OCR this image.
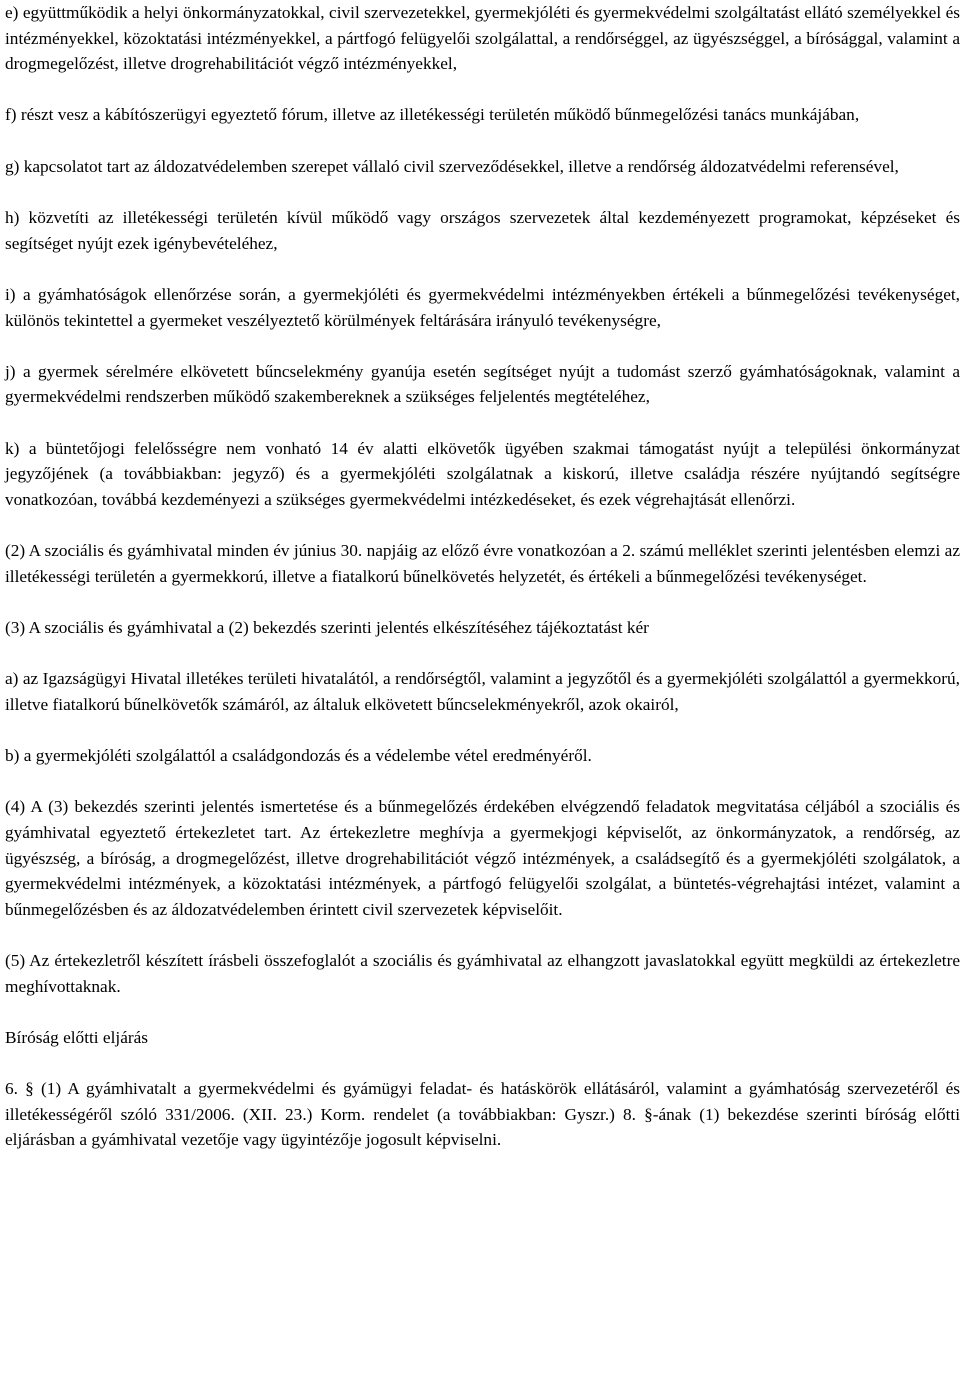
e) együttműködik a helyi önkormányzatokkal, civil szervezetekkel, gyermekjóléti és gyermekvédelmi szolgáltatást ellátó személyekkel és intézményekkel, közoktatási intézményekkel, a pártfogó felügyelői szolgálattal, a rendőrséggel, az ügyészséggel, a bírósággal, valamint a drogmegelőzést, illetve drogrehabilitációt végző intézményekkel,

f) részt vesz a kábítószerügyi egyeztető fórum, illetve az illetékességi területén működő bűnmegelőzési tanács munkájában,

g) kapcsolatot tart az áldozatvédelemben szerepet vállaló civil szerveződésekkel, illetve a rendőrség áldozatvédelmi referensével,

h) közvetíti az illetékességi területén kívül működő vagy országos szervezetek által kezdeményezett programokat, képzéseket és segítséget nyújt ezek igénybevételéhez,

i) a gyámhatóságok ellenőrzése során, a gyermekjóléti és gyermekvédelmi intézményekben értékeli a bűnmegelőzési tevékenységet, különös tekintettel a gyermeket veszélyeztető körülmények feltárására irányuló tevékenységre,

j) a gyermek sérelmére elkövetett bűncselekmény gyanúja esetén segítséget nyújt a tudomást szerző gyámhatóságoknak, valamint a gyermekvédelmi rendszerben működő szakembereknek a szükséges feljelentés megtételéhez,

k) a büntetőjogi felelősségre nem vonható 14 év alatti elkövetők ügyében szakmai támogatást nyújt a települési önkormányzat jegyzőjének (a továbbiakban: jegyző) és a gyermekjóléti szolgálatnak a kiskorú, illetve családja részére nyújtandó segítségre vonatkozóan, továbbá kezdeményezi a szükséges gyermekvédelmi intézkedéseket, és ezek végrehajtását ellenőrzi.

(2) A szociális és gyámhivatal minden év június 30. napjáig az előző évre vonatkozóan a 2. számú melléklet szerinti jelentésben elemzi az illetékességi területén a gyermekkorú, illetve a fiatalkorú bűnelkövetés helyzetét, és értékeli a bűnmegelőzési tevékenységet.

(3) A szociális és gyámhivatal a (2) bekezdés szerinti jelentés elkészítéséhez tájékoztatást kér

a) az Igazságügyi Hivatal illetékes területi hivatalától, a rendőrségtől, valamint a jegyzőtől és a gyermekjóléti szolgálattól a gyermekkorú, illetve fiatalkorú bűnelkövetők számáról, az általuk elkövetett bűncselekményekről, azok okairól,

b) a gyermekjóléti szolgálattól a családgondozás és a védelembe vétel eredményéről.

(4) A (3) bekezdés szerinti jelentés ismertetése és a bűnmegelőzés érdekében elvégzendő feladatok megvitatása céljából a szociális és gyámhivatal egyeztető értekezletet tart. Az értekezletre meghívja a gyermekjogi képviselőt, az önkormányzatok, a rendőrség, az ügyészség, a bíróság, a drogmegelőzést, illetve drogrehabilitációt végző intézmények, a családsegítő és a gyermekjóléti szolgálatok, a gyermekvédelmi intézmények, a közoktatási intézmények, a pártfogó felügyelői szolgálat, a büntetés-végrehajtási intézet, valamint a bűnmegelőzésben és az áldozatvédelemben érintett civil szervezetek képviselőit.

(5) Az értekezletről készített írásbeli összefoglalót a szociális és gyámhivatal az elhangzott javaslatokkal együtt megküldi az értekezletre meghívottaknak.

Bíróság előtti eljárás

6. § (1) A gyámhivatalt a gyermekvédelmi és gyámügyi feladat- és hatáskörök ellátásáról, valamint a gyámhatóság szervezetéről és illetékességéről szóló 331/2006. (XII. 23.) Korm. rendelet (a továbbiakban: Gyszr.) 8. §-ának (1) bekezdése szerinti bíróság előtti eljárásban a gyámhivatal vezetője vagy ügyintézője jogosult képviselni.
